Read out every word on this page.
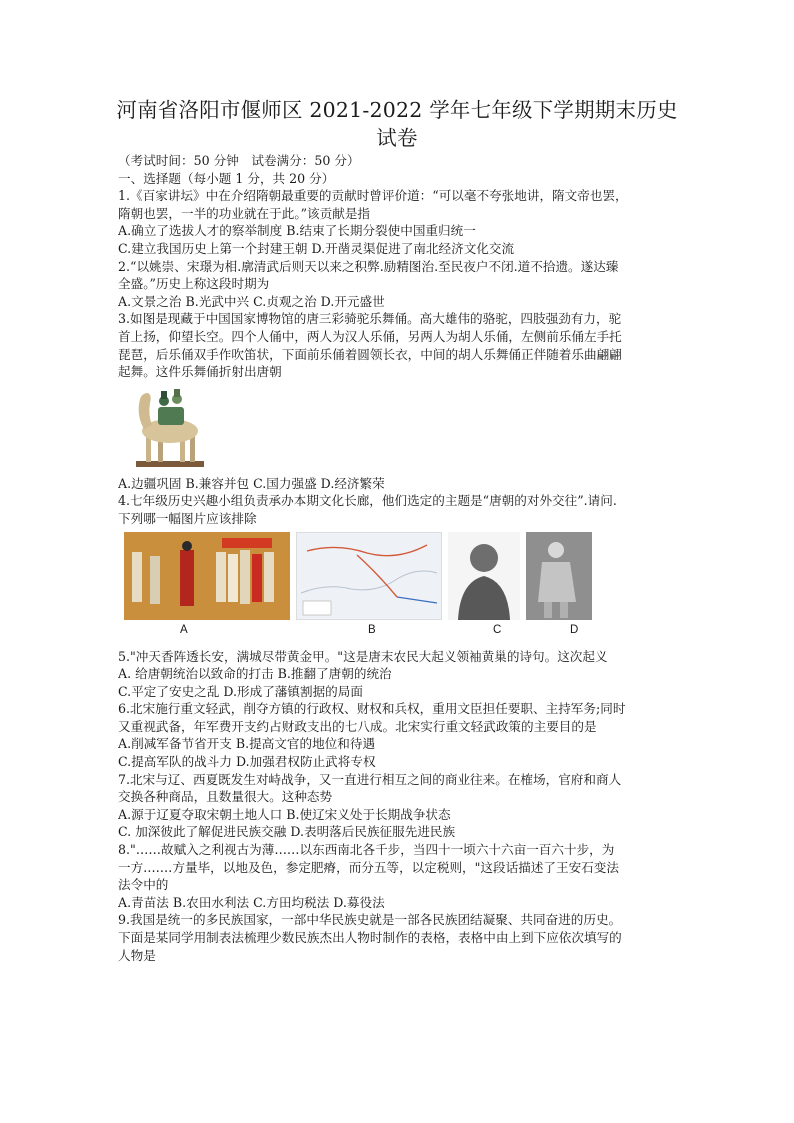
河南省洛阳市偃师区 2021-2022 学年七年级下学期期末历史
试卷
（考试时间：50 分钟　试卷满分：50 分）
一、选择题（每小题 1 分，共 20 分）
1.《百家讲坛》中在介绍隋朝最重要的贡献时曾评价道：“可以毫不夸张地讲，隋文帝也罢，
隋朝也罢，一半的功业就在于此。”该贡献是指
A.确立了选拔人才的察举制度 B.结束了长期分裂使中国重归统一
C.建立我国历史上第一个封建王朝 D.开凿灵渠促进了南北经济文化交流
2.“以姚崇、宋璟为相.廓清武后则天以来之积弊.励精图治.至民夜户不闭.道不拾遗。遂达臻
全盛。”历史上称这段时期为
A.文景之治 B.光武中兴 C.贞观之治 D.开元盛世
3.如图是现藏于中国国家博物馆的唐三彩骑驼乐舞俑。高大雄伟的骆驼，四肢强劲有力，驼
首上扬，仰望长空。四个人俑中，两人为汉人乐俑，另两人为胡人乐俑，左侧前乐俑左手托
琵琶，后乐俑双手作吹笛状，下面前乐俑着圆领长衣，中间的胡人乐舞俑正伴随着乐曲翩翩
起舞。这件乐舞俑折射出唐朝
A.边疆巩固 B.兼容并包 C.国力强盛 D.经济繁荣
4.七年级历史兴趣小组负责承办本期文化长廊，他们选定的主题是“唐朝的对外交往”.请问.
下列哪一幅图片应该排除
A	B	C	D
5."冲天香阵透长安，满城尽带黄金甲。"这是唐末农民大起义领袖黄巢的诗句。这次起义
A. 给唐朝统治以致命的打击 B.推翻了唐朝的统治
C.平定了安史之乱 D.形成了藩镇割据的局面
6.北宋施行重文轻武，削夺方镇的行政权、财权和兵权，重用文臣担任要职、主持军务;同时
又重视武备，年军费开支约占财政支出的七八成。北宋实行重文轻武政策的主要目的是
A.削减军备节省开支 B.提高文官的地位和待遇
C.提高军队的战斗力 D.加强君权防止武将专权
7.北宋与辽、西夏既发生对峙战争，又一直进行相互之间的商业往来。在榷场，官府和商人
交换各种商品，且数量很大。这种态势
A.源于辽夏夺取宋朝土地人口 B.使辽宋义处于长期战争状态
C. 加深彼此了解促进民族交融 D.表明落后民族征服先进民族
8."……故赋入之利视古为薄……以东西南北各千步，当四十一顷六十六亩一百六十步，为
一方.……方量毕，以地及色，参定肥瘠，而分五等，以定税则，"这段话描述了王安石变法
法令中的
A.青苗法 B.农田水利法 C.方田均税法 D.募役法
9.我国是统一的多民族国家，一部中华民族史就是一部各民族团结凝聚、共同奋进的历史。
下面是某同学用制表法梳理少数民族杰出人物时制作的表格，表格中由上到下应依次填写的
人物是
